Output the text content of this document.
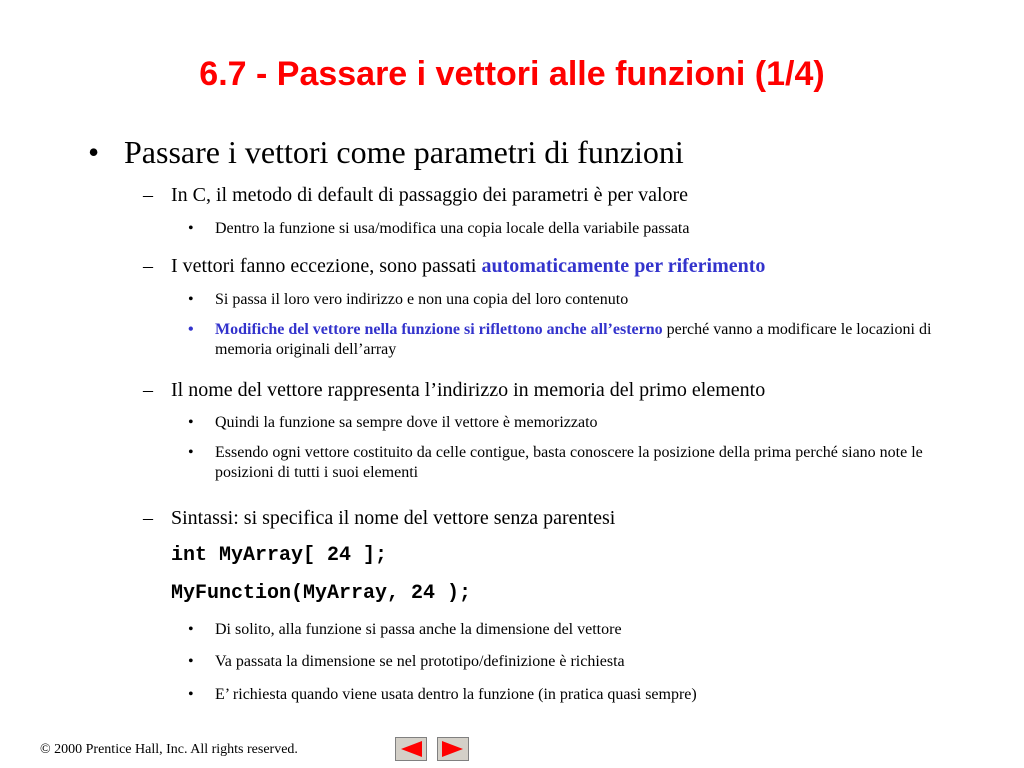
6.7 - Passare i vettori alle funzioni (1/4)
• Passare i vettori come parametri di funzioni
– In C, il metodo di default di passaggio dei parametri è per valore
• Dentro la funzione si usa/modifica una copia locale della variabile passata
– I vettori fanno eccezione, sono passati automaticamente per riferimento
• Si passa il loro vero indirizzo e non una copia del loro contenuto
• Modifiche del vettore nella funzione si riflettono anche all’esterno perché vanno a modificare le locazioni di memoria originali dell’array
– Il nome del vettore rappresenta l’indirizzo in memoria del primo elemento
• Quindi la funzione sa sempre dove il vettore è memorizzato
• Essendo ogni vettore costituito da celle contigue, basta conoscere la posizione della prima perché siano note le posizioni di tutti i suoi elementi
– Sintassi: si specifica il nome del vettore senza parentesi
int MyArray[ 24 ];
MyFunction(MyArray, 24 );
• Di solito, alla funzione si passa anche la dimensione del vettore
• Va passata la dimensione se nel prototipo/definizione è richiesta
• E’ richiesta quando viene usata dentro la funzione (in pratica quasi sempre)
© 2000 Prentice Hall, Inc. All rights reserved.
